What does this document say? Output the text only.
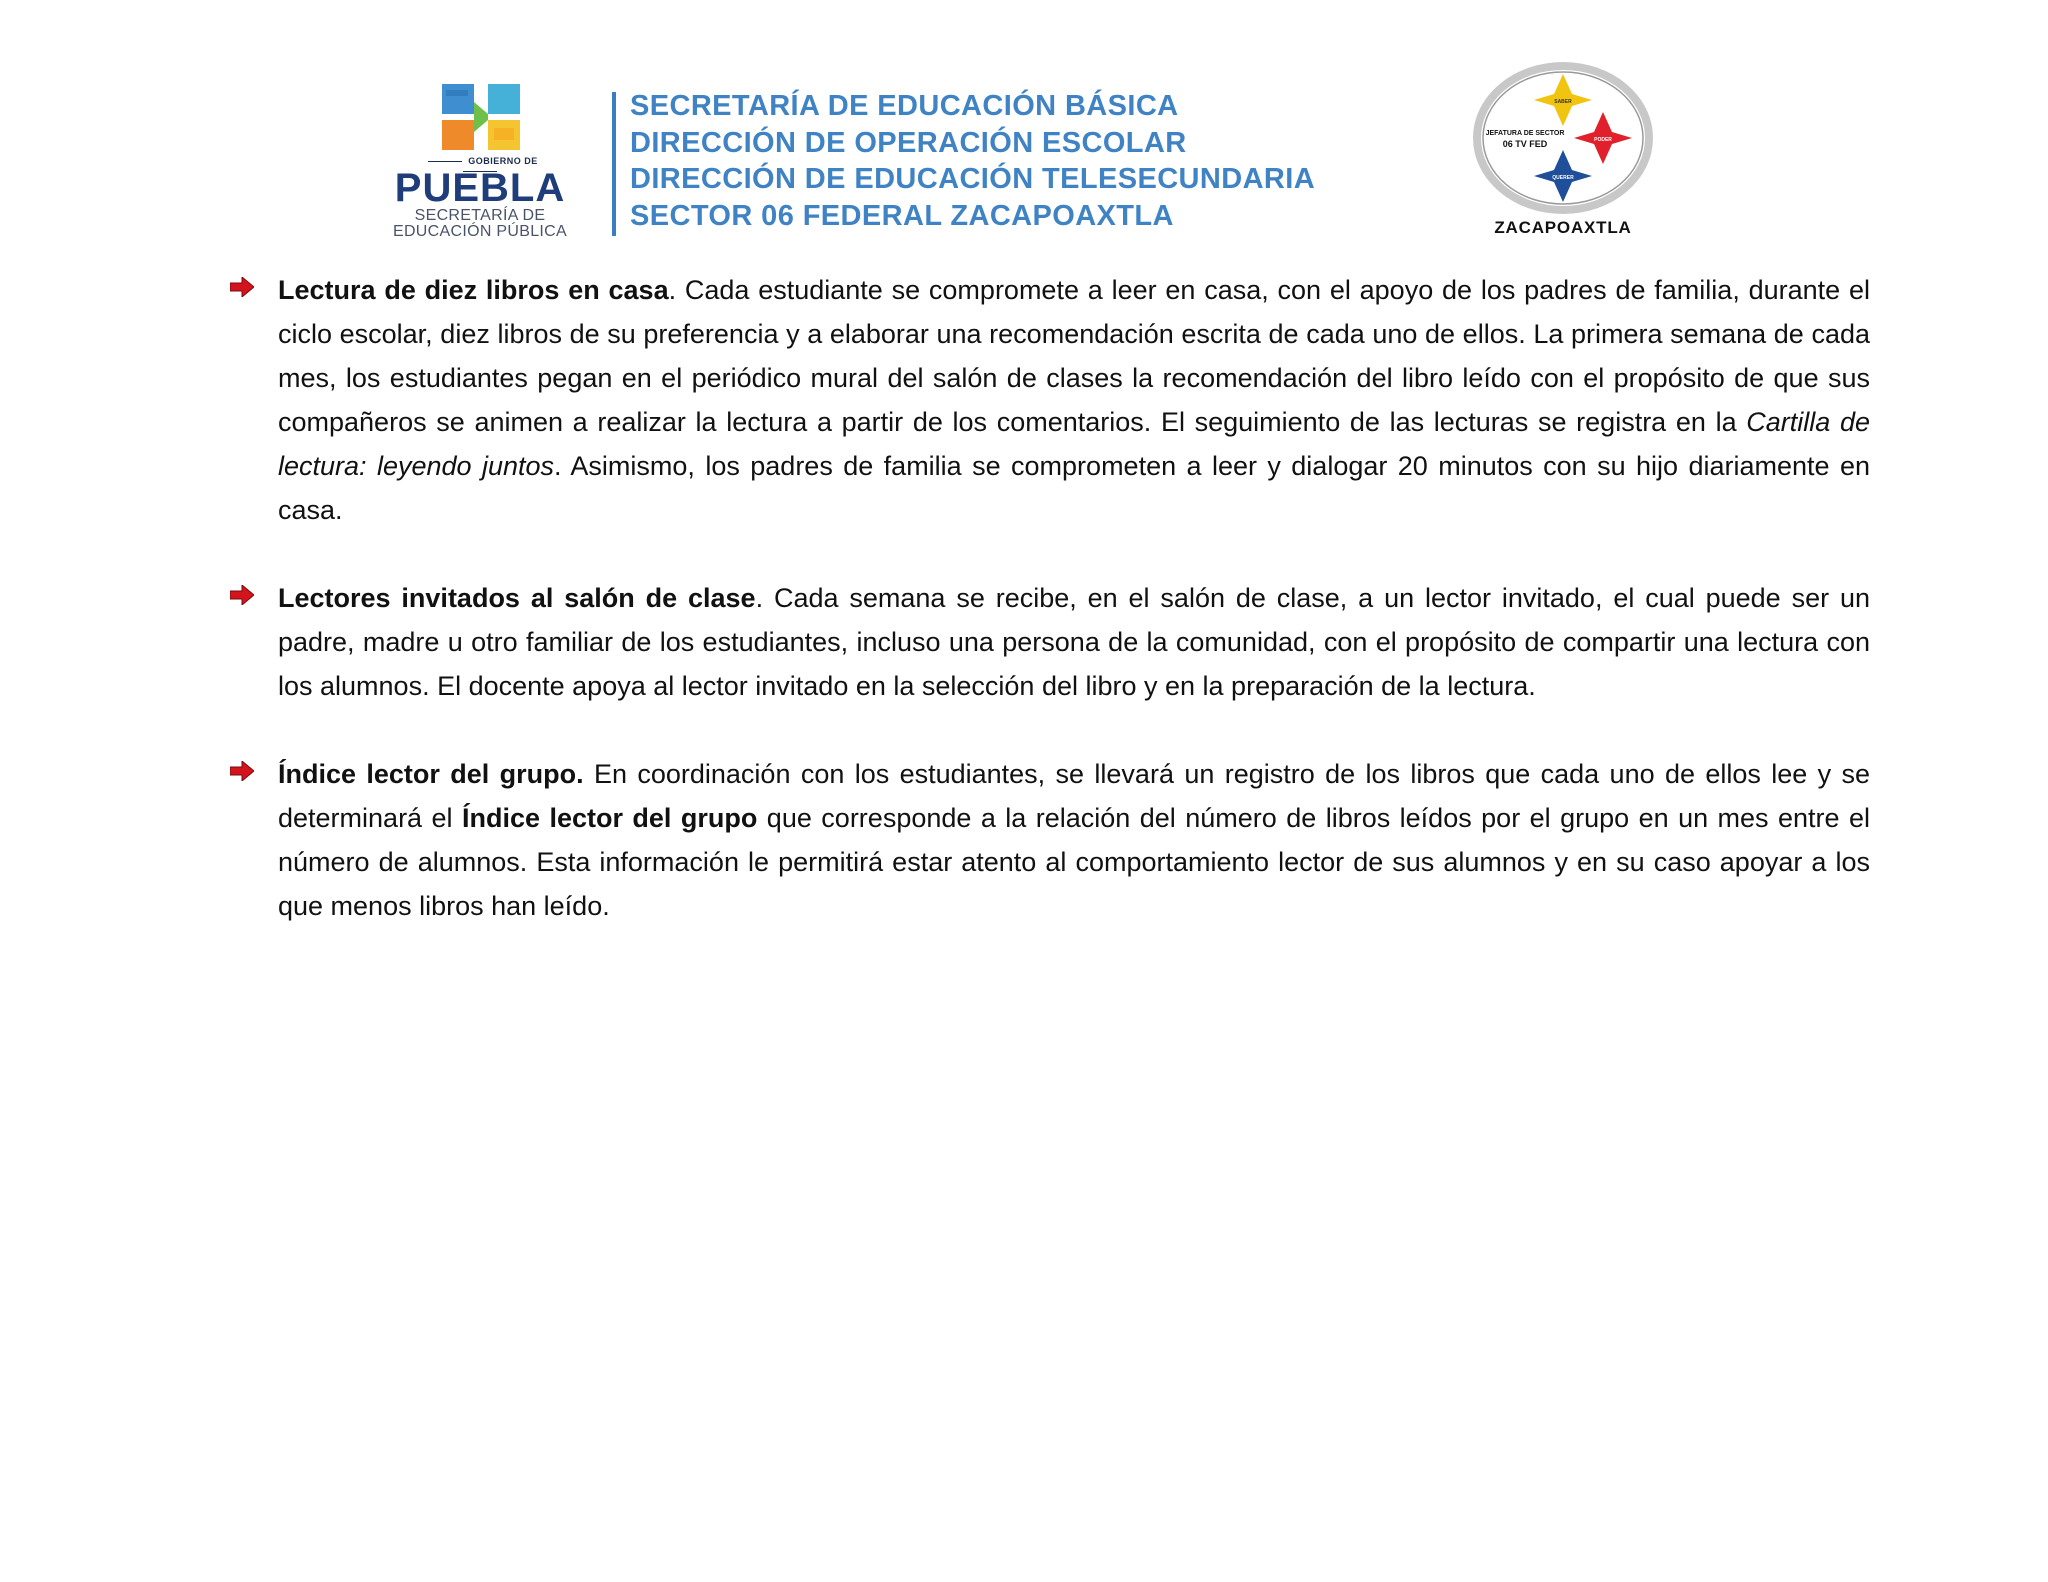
GOBIERNO DE
PUEBLA
SECRETARÍA DE
EDUCACIÓN PÚBLICA
SECRETARÍA DE EDUCACIÓN BÁSICA
DIRECCIÓN DE OPERACIÓN ESCOLAR
DIRECCIÓN DE EDUCACIÓN TELESECUNDARIA
SECTOR 06 FEDERAL ZACAPOAXTLA
SABER
PODER
QUERER
JEFATURA DE SECTOR
06 TV FED
ZACAPOAXTLA

Lectura de diez libros en casa. Cada estudiante se compromete a leer en casa, con el apoyo de los padres de familia, durante el ciclo escolar, diez libros de su preferencia y a elaborar una recomendación escrita de cada uno de ellos. La primera semana de cada mes, los estudiantes pegan en el periódico mural del salón de clases la recomendación del libro leído con el propósito de que sus compañeros se animen a realizar la lectura a partir de los comentarios. El seguimiento de las lecturas se registra en la Cartilla de lectura: leyendo juntos. Asimismo, los padres de familia se comprometen a leer y dialogar 20 minutos con su hijo diariamente en casa.

Lectores invitados al salón de clase. Cada semana se recibe, en el salón de clase, a un lector invitado, el cual puede ser un padre, madre u otro familiar de los estudiantes, incluso una persona de la comunidad, con el propósito de compartir una lectura con los alumnos. El docente apoya al lector invitado en la selección del libro y en la preparación de la lectura.

Índice lector del grupo. En coordinación con los estudiantes, se llevará un registro de los libros que cada uno de ellos lee y se determinará el Índice lector del grupo que corresponde a la relación del número de libros leídos por el grupo en un mes entre el número de alumnos. Esta información le permitirá estar atento al comportamiento lector de sus alumnos y en su caso apoyar a los que menos libros han leído.
